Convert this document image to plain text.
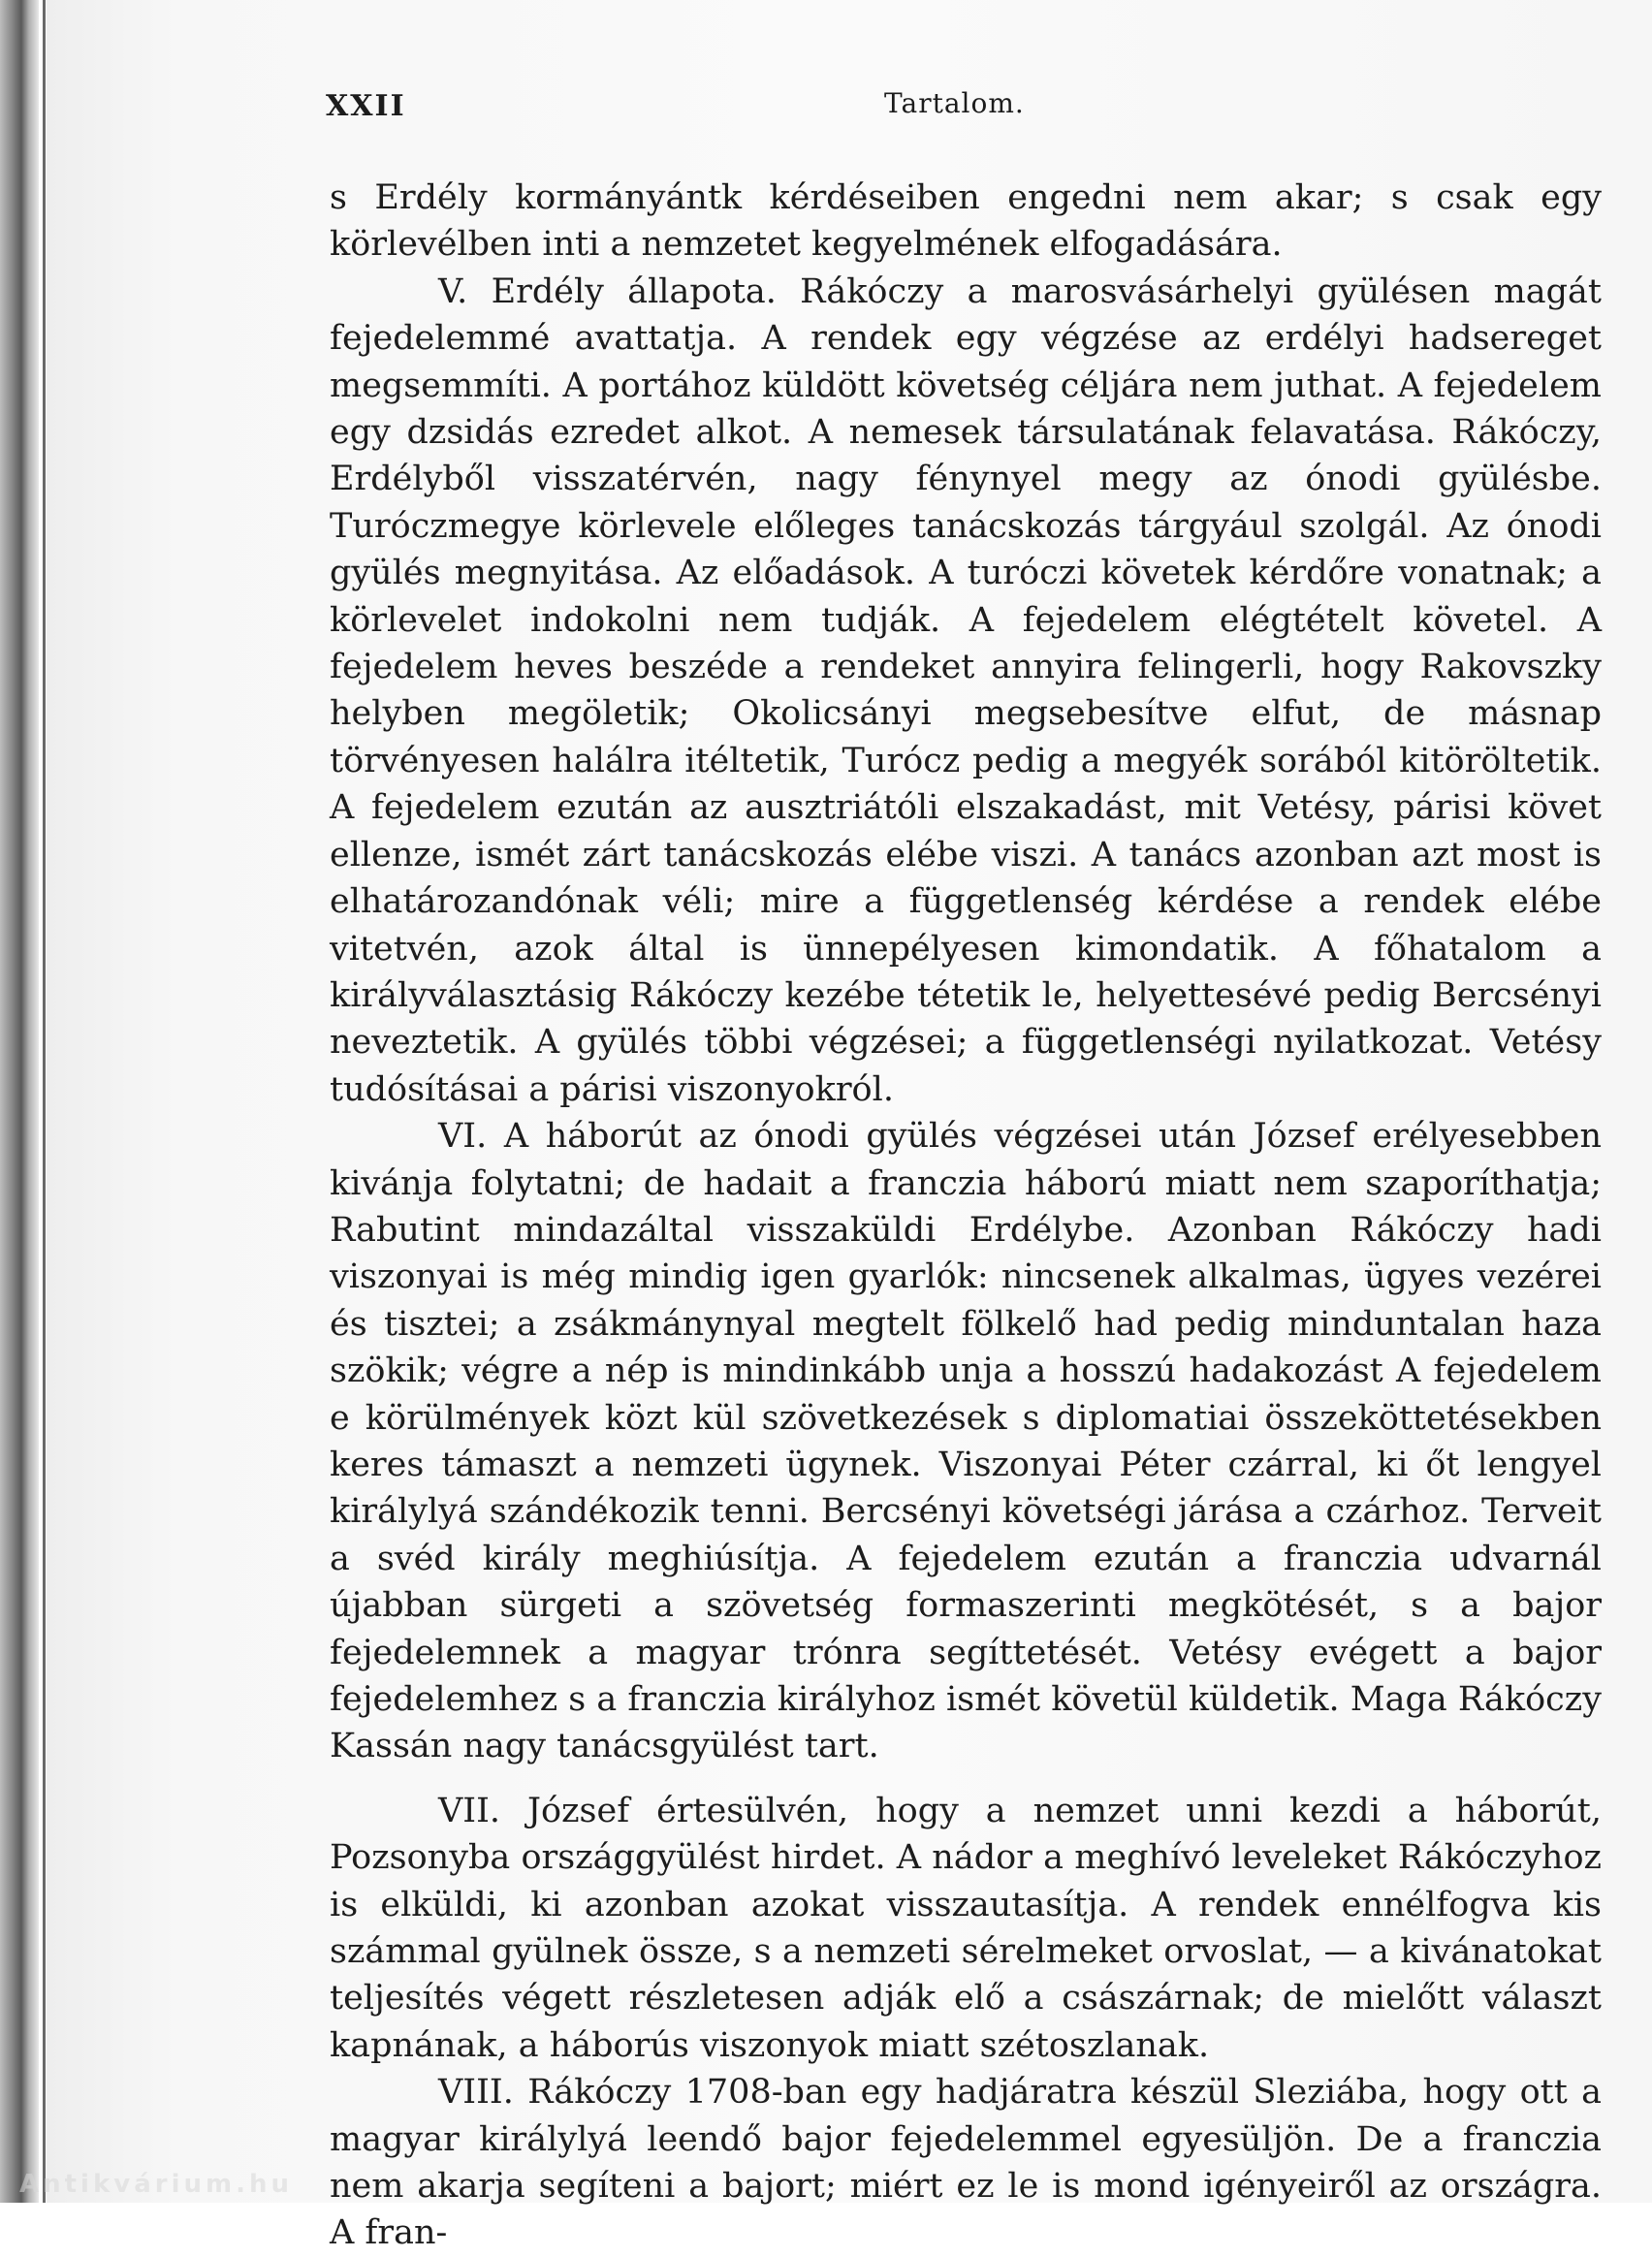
XXII	Tartalom.

s Erdély kormányántk kérdéseiben engedni nem akar; s csak egy körlevélben inti a nemzetet kegyelmének elfogadására.

V. Erdély állapota. Rákóczy a marosvásárhelyi gyülésen magát fejedelemmé avattatja. A rendek egy végzése az erdélyi hadsereget megsemmíti. A portához küldött követség céljára nem juthat. A fejedelem egy dzsidás ezredet alkot. A nemesek társulatának felavatása. Rákóczy, Erdélyből visszatérvén, nagy fénynyel megy az ónodi gyülésbe. Turóczmegye körlevele előleges tanácskozás tárgyául szolgál. Az ónodi gyülés megnyitása. Az előadások. A turóczi követek kérdőre vonatnak; a körlevelet indokolni nem tudják. A fejedelem elégtételt követel. A fejedelem heves beszéde a rendeket annyira felingerli, hogy Rakovszky helyben megöletik; Okolicsányi megsebesítve elfut, de másnap törvényesen halálra itéltetik, Turócz pedig a megyék sorából kitöröltetik. A fejedelem ezután az ausztriátóli elszakadást, mit Vetésy, párisi követ ellenze, ismét zárt tanácskozás elébe viszi. A tanács azonban azt most is elhatározandónak véli; mire a függetlenség kérdése a rendek elébe vitetvén, azok által is ünnepélyesen kimondatik. A főhatalom a királyválasztásig Rákóczy kezébe tétetik le, helyettesévé pedig Bercsényi neveztetik. A gyülés többi végzései; a függetlenségi nyilatkozat. Vetésy tudósításai a párisi viszonyokról.

VI. A háborút az ónodi gyülés végzései után József erélyesebben kivánja folytatni; de hadait a franczia háború miatt nem szaporíthatja; Rabutint mindazáltal visszaküldi Erdélybe. Azonban Rákóczy hadi viszonyai is még mindig igen gyarlók: nincsenek alkalmas, ügyes vezérei és tisztei; a zsákmánynyal megtelt fölkelő had pedig minduntalan haza szökik; végre a nép is mindinkább unja a hosszú hadakozást A fejedelem e körülmények közt kül szövetkezések s diplomatiai összeköttetésekben keres támaszt a nemzeti ügynek. Viszonyai Péter czárral, ki őt lengyel királylyá szándékozik tenni. Bercsényi követségi járása a czárhoz. Terveit a svéd király meghiúsítja. A fejedelem ezután a franczia udvarnál újabban sürgeti a szövetség formaszerinti megkötését, s a bajor fejedelemnek a magyar trónra segíttetését. Vetésy evégett a bajor fejedelemhez s a franczia királyhoz ismét követül küldetik. Maga Rákóczy Kassán nagy tanácsgyülést tart.

VII. József értesülvén, hogy a nemzet unni kezdi a háborút, Pozsonyba országgyülést hirdet. A nádor a meghívó leveleket Rákóczyhoz is elküldi, ki azonban azokat visszautasítja. A rendek ennélfogva kis számmal gyülnek össze, s a nemzeti sérelmeket orvoslat, — a kivánatokat teljesítés végett részletesen adják elő a császárnak; de mielőtt választ kapnának, a háborús viszonyok miatt szétoszlanak.

VIII. Rákóczy 1708-ban egy hadjáratra készül Sleziába, hogy ott a magyar királylyá leendő bajor fejedelemmel egyesüljön. De a franczia nem akarja segíteni a bajort; miért ez le is mond igényeiről az országra. A fran-

Antikvárium.hu
